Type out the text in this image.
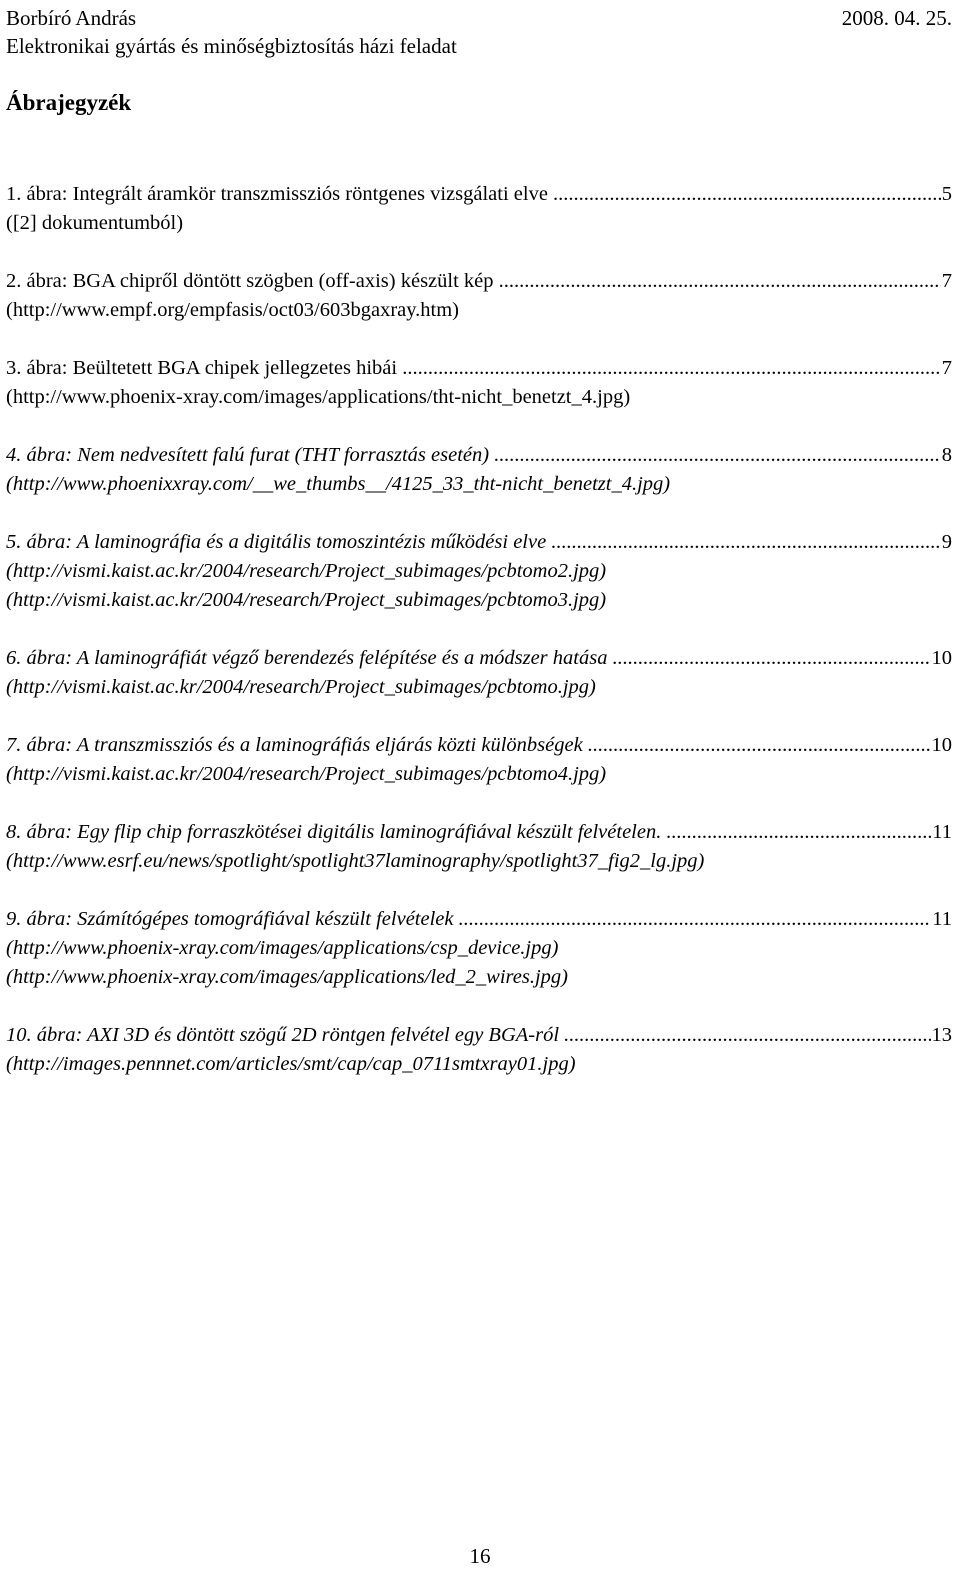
Borbíró András	2008. 04. 25.
Elektronikai gyártás és minőségbiztosítás házi feladat
Ábrajegyzék
1. ábra: Integrált áramkör transzmissziós röntgenes vizsgálati elve .....	5
([2] dokumentumból)
2. ábra: BGA chipről döntött szögben (off-axis) készült kép .....	7
(http://www.empf.org/empfasis/oct03/603bgaxray.htm)
3. ábra: Beültetett BGA chipek jellegzetes hibái .....	7
(http://www.phoenix-xray.com/images/applications/tht-nicht_benetzt_4.jpg)
4. ábra: Nem nedvesített falú furat (THT forrasztás esetén) .....	8
(http://www.phoenixxray.com/__we_thumbs__/4125_33_tht-nicht_benetzt_4.jpg)
5. ábra: A laminográfia és a digitális tomoszintézis működési elve .....	9
(http://vismi.kaist.ac.kr/2004/research/Project_subimages/pcbtomo2.jpg)
(http://vismi.kaist.ac.kr/2004/research/Project_subimages/pcbtomo3.jpg)
6. ábra: A laminográfiát végző berendezés felépítése és a módszer hatása .....	10
(http://vismi.kaist.ac.kr/2004/research/Project_subimages/pcbtomo.jpg)
7. ábra: A transzmissziós és a laminográfiás eljárás közti különbségek .....	10
(http://vismi.kaist.ac.kr/2004/research/Project_subimages/pcbtomo4.jpg)
8. ábra: Egy flip chip forraszkötései digitális laminográfiával készült felvételen. .....	11
(http://www.esrf.eu/news/spotlight/spotlight37laminography/spotlight37_fig2_lg.jpg)
9. ábra: Számítógépes tomográfiával készült felvételek .....	11
(http://www.phoenix-xray.com/images/applications/csp_device.jpg)
(http://www.phoenix-xray.com/images/applications/led_2_wires.jpg)
10. ábra: AXI 3D és döntött szögű 2D röntgen felvétel egy BGA-ról .....	13
(http://images.pennnet.com/articles/smt/cap/cap_0711smtxray01.jpg)
16
